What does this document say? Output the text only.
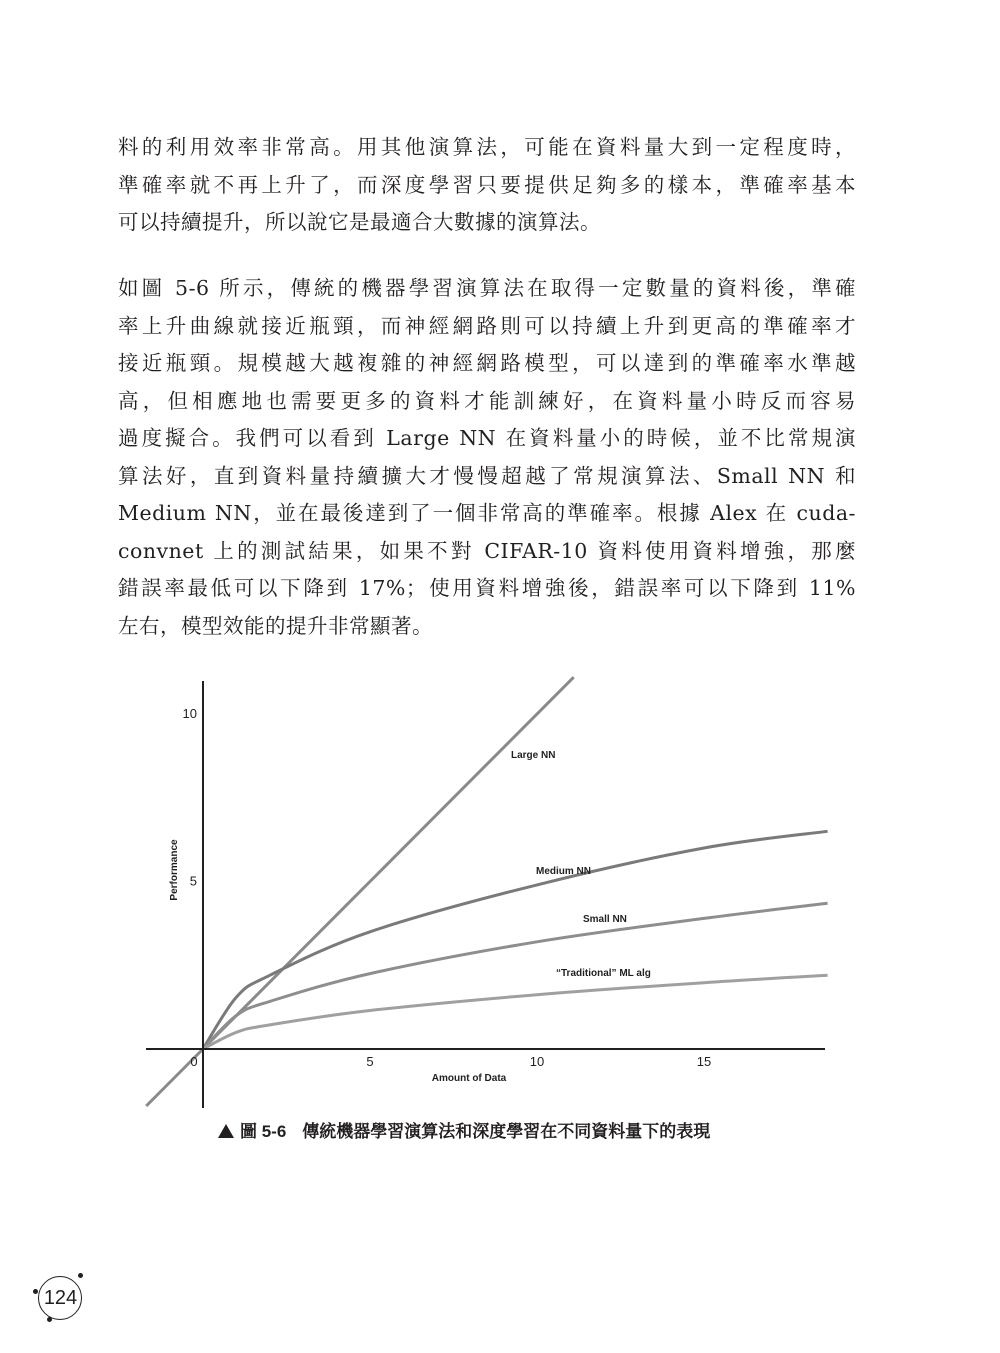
料的利用效率非常高。用其他演算法，可能在資料量大到一定程度時，
準確率就不再上升了，而深度學習只要提供足夠多的樣本，準確率基本
可以持續提升，所以說它是最適合大數據的演算法。
如圖 5-6 所示，傳統的機器學習演算法在取得一定數量的資料後，準確
率上升曲線就接近瓶頸，而神經網路則可以持續上升到更高的準確率才
接近瓶頸。規模越大越複雜的神經網路模型，可以達到的準確率水準越
高，但相應地也需要更多的資料才能訓練好，在資料量小時反而容易
過度擬合。我們可以看到 Large NN 在資料量小的時候，並不比常規演
算法好，直到資料量持續擴大才慢慢超越了常規演算法、Small NN 和
Medium NN，並在最後達到了一個非常高的準確率。根據 Alex 在 cuda-
convnet 上的測試結果，如果不對 CIFAR-10 資料使用資料增強，那麼
錯誤率最低可以下降到 17%；使用資料增強後，錯誤率可以下降到 11%
左右，模型效能的提升非常顯著。
0	5	10	15
5
10
Amount of Data
Performance
Large NN
Medium NN
Small NN
“Traditional” ML alg
圖 5-6 傳統機器學習演算法和深度學習在不同資料量下的表現
124
